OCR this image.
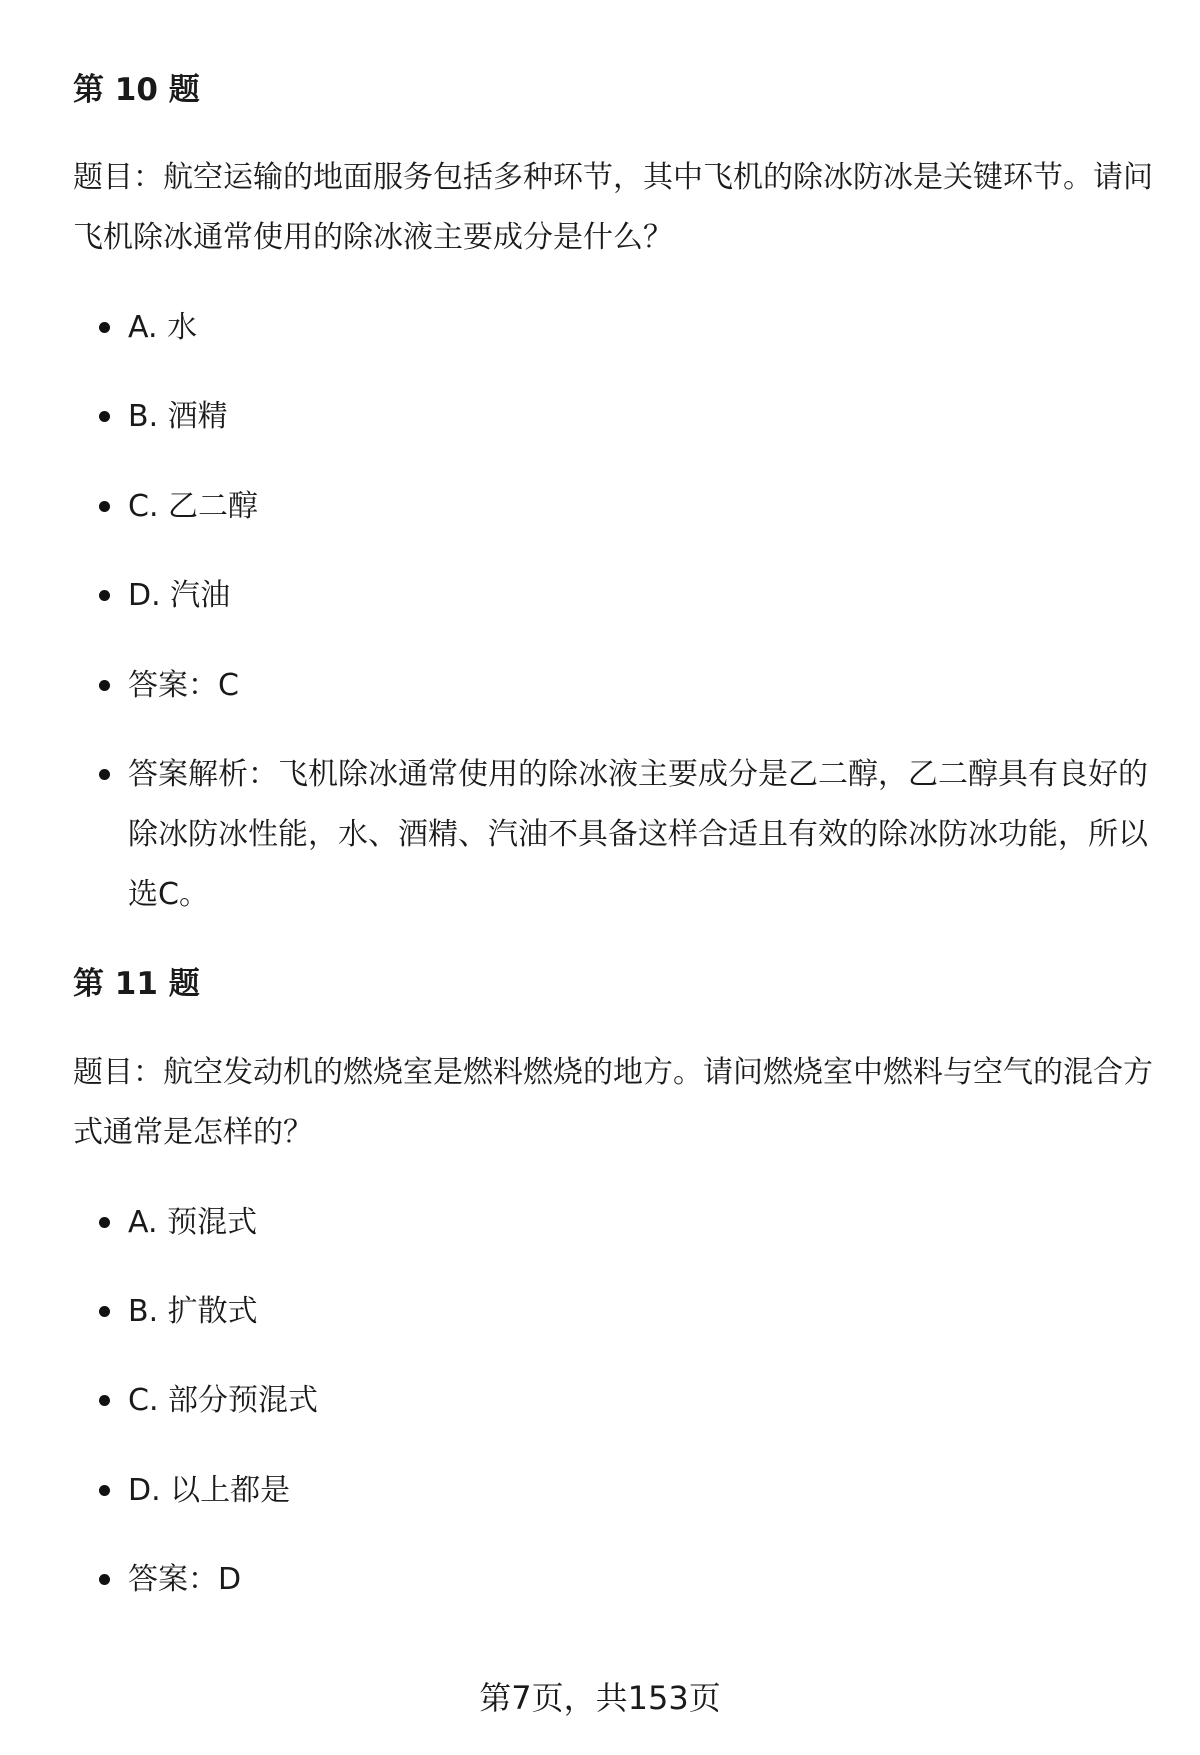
第 10 题

题目：航空运输的地面服务包括多种环节，其中飞机的除冰防冰是关键环节。请问飞机除冰通常使用的除冰液主要成分是什么？

A. 水

B. 酒精

C. 乙二醇

D. 汽油

答案：C

答案解析：飞机除冰通常使用的除冰液主要成分是乙二醇，乙二醇具有良好的除冰防冰性能，水、酒精、汽油不具备这样合适且有效的除冰防冰功能，所以选C。

第 11 题

题目：航空发动机的燃烧室是燃料燃烧的地方。请问燃烧室中燃料与空气的混合方式通常是怎样的？

A. 预混式

B. 扩散式

C. 部分预混式

D. 以上都是

答案：D

第7页，共153页
